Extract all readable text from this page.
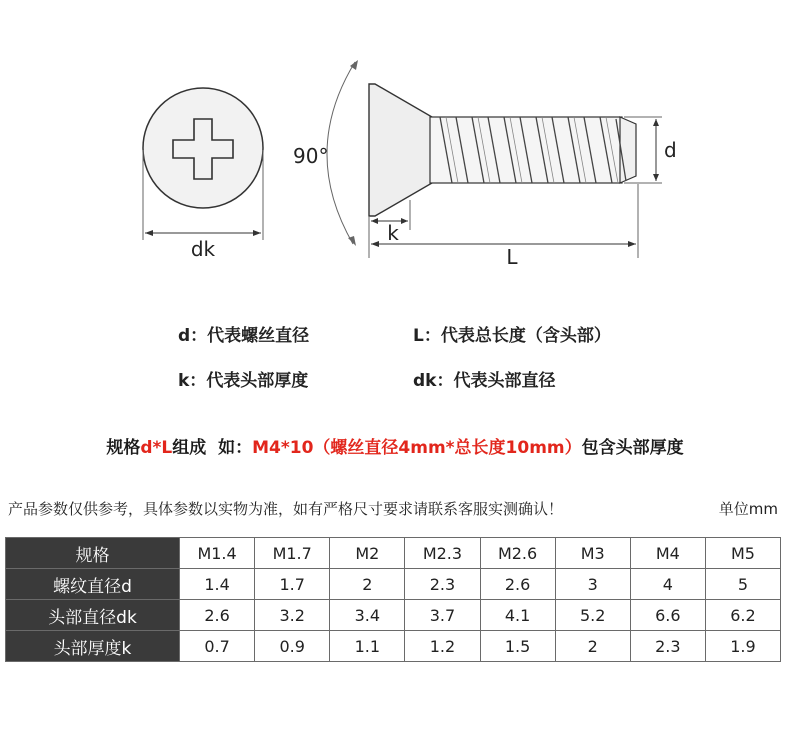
dk
90°
k
L
d
d：代表螺丝直径	L：代表总长度（含头部）
k：代表头部厚度	dk：代表头部直径
规格d*L组成  如：M4*10（螺丝直径4mm*总长度10mm）包含头部厚度
产品参数仅供参考，具体参数以实物为准，如有严格尺寸要求请联系客服实测确认！	单位mm
规格	M1.4	M1.7	M2	M2.3	M2.6	M3	M4	M5
螺纹直径d	1.4	1.7	2	2.3	2.6	3	4	5
头部直径dk	2.6	3.2	3.4	3.7	4.1	5.2	6.6	6.2
头部厚度k	0.7	0.9	1.1	1.2	1.5	2	2.3	1.9
